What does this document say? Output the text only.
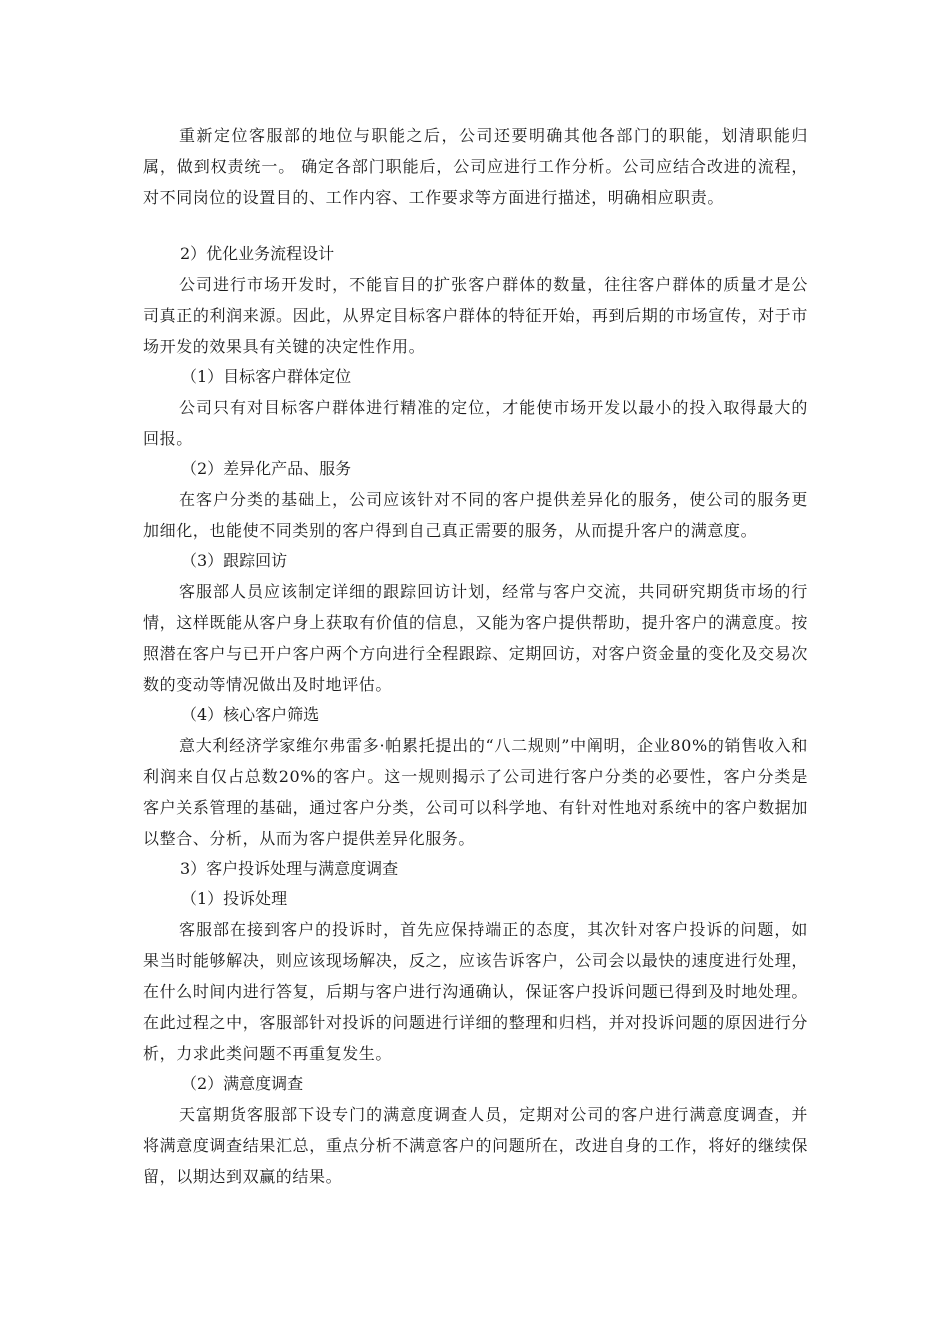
重新定位客服部的地位与职能之后，公司还要明确其他各部门的职能，划清职能归属，做到权责统一。 确定各部门职能后，公司应进行工作分析。公司应结合改进的流程，对不同岗位的设置目的、工作内容、工作要求等方面进行描述，明确相应职责。

2）优化业务流程设计

公司进行市场开发时，不能盲目的扩张客户群体的数量，往往客户群体的质量才是公司真正的利润来源。因此，从界定目标客户群体的特征开始，再到后期的市场宣传，对于市场开发的效果具有关键的决定性作用。

（1）目标客户群体定位

公司只有对目标客户群体进行精准的定位，才能使市场开发以最小的投入取得最大的回报。

（2）差异化产品、服务

在客户分类的基础上，公司应该针对不同的客户提供差异化的服务，使公司的服务更加细化，也能使不同类别的客户得到自己真正需要的服务，从而提升客户的满意度。

（3）跟踪回访

客服部人员应该制定详细的跟踪回访计划，经常与客户交流，共同研究期货市场的行情，这样既能从客户身上获取有价值的信息，又能为客户提供帮助，提升客户的满意度。按照潜在客户与已开户客户两个方向进行全程跟踪、定期回访，对客户资金量的变化及交易次数的变动等情况做出及时地评估。

（4）核心客户筛选

意大利经济学家维尔弗雷多·帕累托提出的“八二规则”中阐明，企业80%的销售收入和利润来自仅占总数20%的客户。这一规则揭示了公司进行客户分类的必要性，客户分类是客户关系管理的基础，通过客户分类，公司可以科学地、有针对性地对系统中的客户数据加以整合、分析，从而为客户提供差异化服务。

3）客户投诉处理与满意度调查

（1）投诉处理

客服部在接到客户的投诉时，首先应保持端正的态度，其次针对客户投诉的问题，如果当时能够解决，则应该现场解决，反之，应该告诉客户，公司会以最快的速度进行处理，在什么时间内进行答复，后期与客户进行沟通确认，保证客户投诉问题已得到及时地处理。在此过程之中，客服部针对投诉的问题进行详细的整理和归档，并对投诉问题的原因进行分析，力求此类问题不再重复发生。

（2）满意度调查

天富期货客服部下设专门的满意度调查人员，定期对公司的客户进行满意度调查，并将满意度调查结果汇总，重点分析不满意客户的问题所在，改进自身的工作，将好的继续保留，以期达到双赢的结果。
